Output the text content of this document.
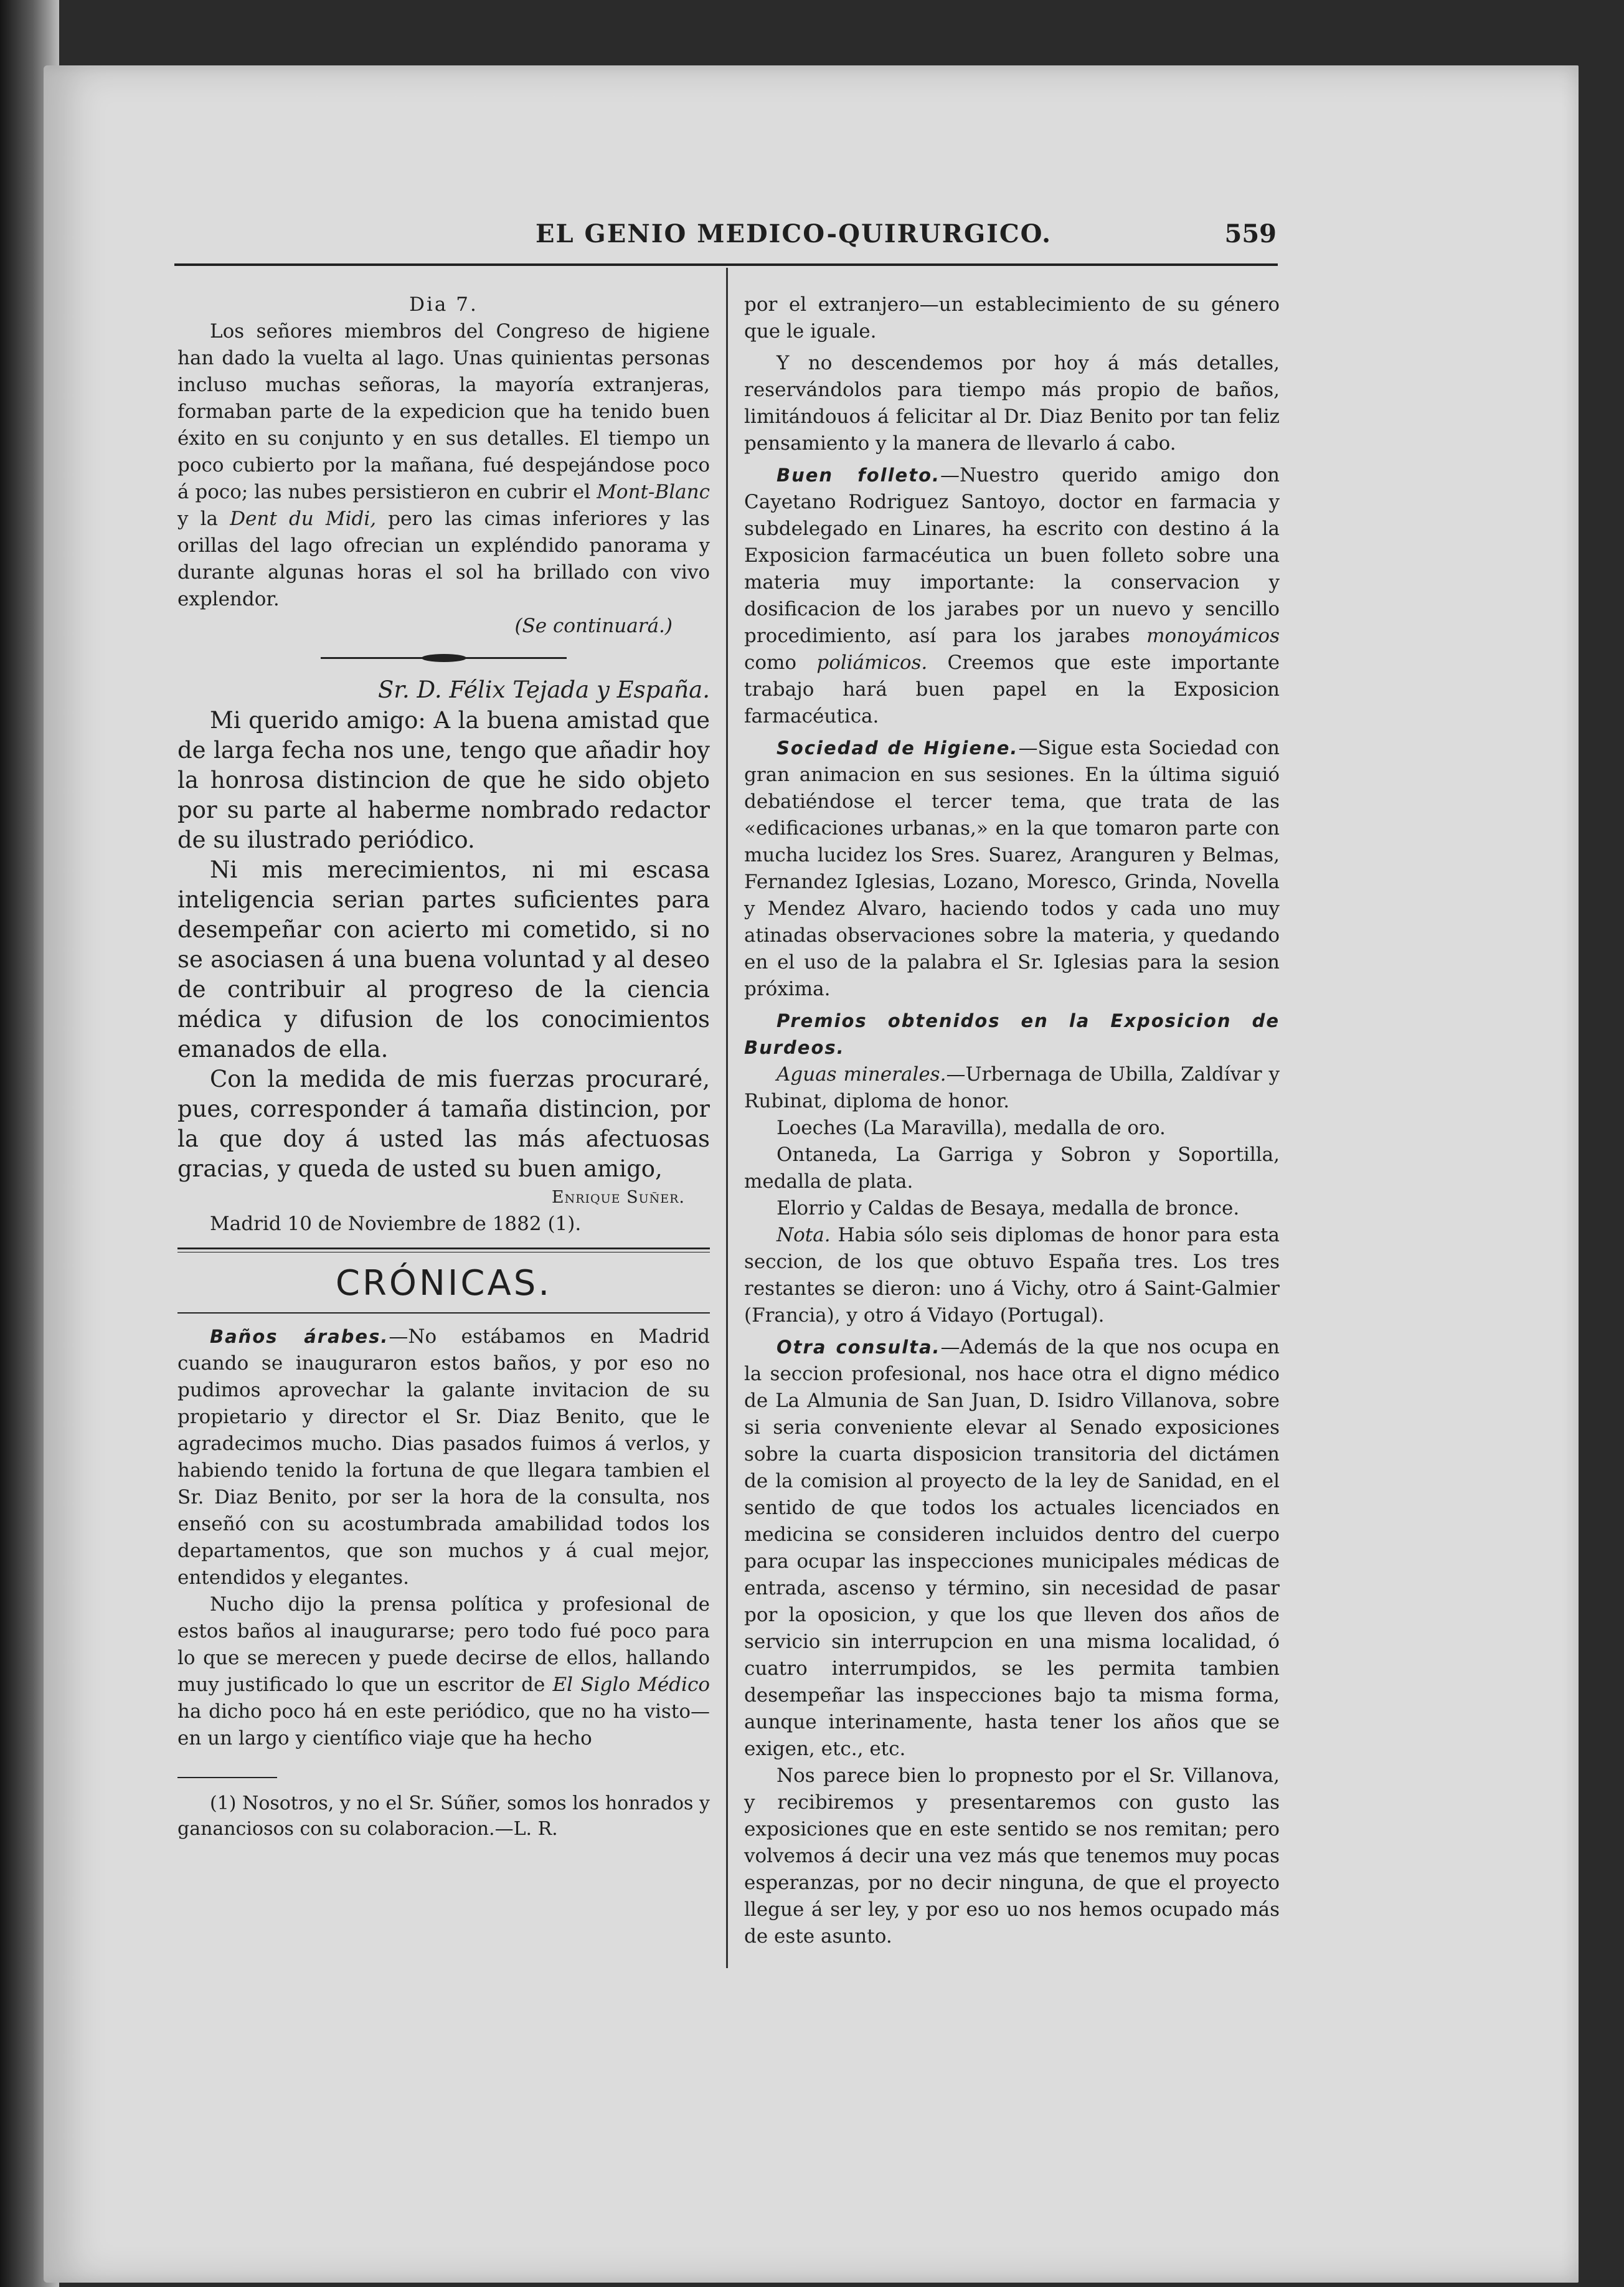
EL GENIO MEDICO-QUIRURGICO.	559
Dia 7.

Los señores miembros del Congreso de higiene han dado la vuelta al lago. Unas quinientas personas incluso muchas señoras, la mayoría extranjeras, formaban parte de la expedicion que ha tenido buen éxito en su conjunto y en sus detalles. El tiempo un poco cubierto por la mañana, fué despejándose poco á poco; las nubes persistieron en cubrir el Mont-Blanc y la Dent du Midi, pero las cimas inferiores y las orillas del lago ofrecian un expléndido panorama y durante algunas horas el sol ha brillado con vivo explendor.

(Se continuará.)

Sr. D. Félix Tejada y España.

Mi querido amigo: A la buena amistad que de larga fecha nos une, tengo que añadir hoy la honrosa distincion de que he sido objeto por su parte al haberme nombrado redactor de su ilustrado periódico.

Ni mis merecimientos, ni mi escasa inteligencia serian partes suficientes para desempeñar con acierto mi cometido, si no se asociasen á una buena voluntad y al deseo de contribuir al progreso de la ciencia médica y difusion de los conocimientos emanados de ella.

Con la medida de mis fuerzas procuraré, pues, corresponder á tamaña distincion, por la que doy á usted las más afectuosas gracias, y queda de usted su buen amigo,

Enrique Suñer.

Madrid 10 de Noviembre de 1882 (1).

CRÓNICAS.

Baños árabes.—No estábamos en Madrid cuando se inauguraron estos baños, y por eso no pudimos aprovechar la galante invitacion de su propietario y director el Sr. Diaz Benito, que le agradecimos mucho. Dias pasados fuimos á verlos, y habiendo tenido la fortuna de que llegara tambien el Sr. Diaz Benito, por ser la hora de la consulta, nos enseñó con su acostumbrada amabilidad todos los departamentos, que son muchos y á cual mejor, entendidos y elegantes.

Nucho dijo la prensa política y profesional de estos baños al inaugurarse; pero todo fué poco para lo que se merecen y puede decirse de ellos, hallando muy justificado lo que un escritor de El Siglo Médico ha dicho poco há en este periódico, que no ha visto—en un largo y científico viaje que ha hecho

(1) Nosotros, y no el Sr. Súñer, somos los honrados y gananciosos con su colaboracion.—L. R.

por el extranjero—un establecimiento de su género que le iguale.

Y no descendemos por hoy á más detalles, reservándolos para tiempo más propio de baños, limitándouos á felicitar al Dr. Diaz Benito por tan feliz pensamiento y la manera de llevarlo á cabo.

Buen folleto.—Nuestro querido amigo don Cayetano Rodriguez Santoyo, doctor en farmacia y subdelegado en Linares, ha escrito con destino á la Exposicion farmacéutica un buen folleto sobre una materia muy importante: la conservacion y dosificacion de los jarabes por un nuevo y sencillo procedimiento, así para los jarabes monoyámicos como poliámicos. Creemos que este importante trabajo hará buen papel en la Exposicion farmacéutica.

Sociedad de Higiene.—Sigue esta Sociedad con gran animacion en sus sesiones. En la última siguió debatiéndose el tercer tema, que trata de las «edificaciones urbanas,» en la que tomaron parte con mucha lucidez los Sres. Suarez, Aranguren y Belmas, Fernandez Iglesias, Lozano, Moresco, Grinda, Novella y Mendez Alvaro, haciendo todos y cada uno muy atinadas observaciones sobre la materia, y quedando en el uso de la palabra el Sr. Iglesias para la sesion próxima.

Premios obtenidos en la Exposicion de Burdeos.

Aguas minerales.—Urbernaga de Ubilla, Zaldívar y Rubinat, diploma de honor.

Loeches (La Maravilla), medalla de oro.

Ontaneda, La Garriga y Sobron y Soportilla, medalla de plata.

Elorrio y Caldas de Besaya, medalla de bronce.

Nota. Habia sólo seis diplomas de honor para esta seccion, de los que obtuvo España tres. Los tres restantes se dieron: uno á Vichy, otro á Saint-Galmier (Francia), y otro á Vidayo (Portugal).

Otra consulta.—Además de la que nos ocupa en la seccion profesional, nos hace otra el digno médico de La Almunia de San Juan, D. Isidro Villanova, sobre si seria conveniente elevar al Senado exposiciones sobre la cuarta disposicion transitoria del dictámen de la comision al proyecto de la ley de Sanidad, en el sentido de que todos los actuales licenciados en medicina se consideren incluidos dentro del cuerpo para ocupar las inspecciones municipales médicas de entrada, ascenso y término, sin necesidad de pasar por la oposicion, y que los que lleven dos años de servicio sin interrupcion en una misma localidad, ó cuatro interrumpidos, se les permita tambien desempeñar las inspecciones bajo ta misma forma, aunque interinamente, hasta tener los años que se exigen, etc., etc.

Nos parece bien lo propnesto por el Sr. Villanova, y recibiremos y presentaremos con gusto las exposiciones que en este sentido se nos remitan; pero volvemos á decir una vez más que tenemos muy pocas esperanzas, por no decir ninguna, de que el proyecto llegue á ser ley, y por eso uo nos hemos ocupado más de este asunto.
